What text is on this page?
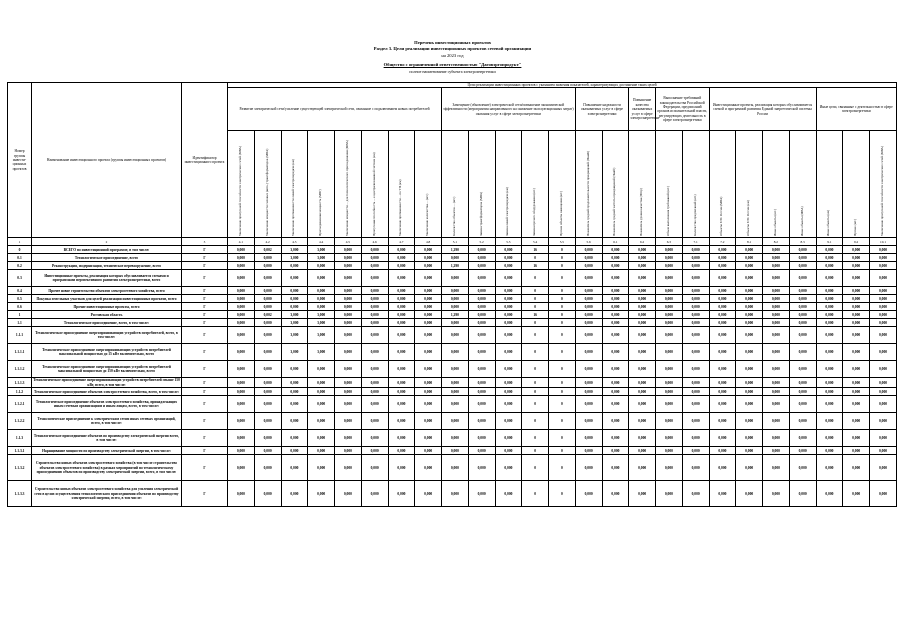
Перечень инвестиционных проектов
Раздел 3. Цели реализации инвестиционных проектов сетевой организации
на 2023 год
Общество с ограниченной ответственностью "Даговэргопродукт"
полное наименование субъекта электроэнергетики
Номер группы инвести-ционных проектов	Наименование инвестиционного проекта (группы инвестиционных проектов)	Идентификатор инвестиционного проекта	Цели реализации инвестиционных проектов с указанием значения показателей, характеризующих достижение таких целей																								
			Развитие электрической сети/усиление существующей электрической сети, связанное с подключением новых потребителей								Замещение (обновление) электрической сети/повышение экономической эффективности (мероприятия направленного на снижение эксплуатационных затрат) оказания услуг в сфере электроэнергетики					Повышение надежности оказываемых услуг в сфере электроэнергетики		Повышение качества оказываемых услуг в сфере электроэнергетики	Выполнение требований законодательства Российской Федерации, предписаний органов исполнительной власти, регулирующих деятельность в сфере электроэнергетики		Инвестиционные проекты, реализация которых обуславливается схемой и программой развития Единой энергетической системы России				Иные цели, связанные с деятельностью в сфере электроэнергетики		

			Увеличение пропускной способности электрических сетей (МВА)	Увеличение мощности силовых (авто-) трансформаторов (МВА)	Увеличение протяженности линий электропередачи (км)	Присоединенная мощность (МВт)	Увеличение мощности ... для технологического присоединения (МВА)	Пропускная способность ... к централизованной системе (км)	Увеличение протяженности ... по ТП (км)	Увеличение количества ... (шт.)	Количество объектов ... (шт.)	Замена трансформаторов (МВА)	Замена линий электропередачи (км)	Замена прочего оборудования (шт.)	Прочие объекты замещения (шт.)	Показатель средней продолжительности прекращений (Пsaidi)	Показатель средней частоты прекращений (Пsaifi)	Показатель уровня качества (Птпр)	Объем выполнения требований (шт.)	Количество предписаний (шт.)	Объекты ЕЭС России (МВА)	Объекты ЕЭС России (км)	Иные объекты (шт.)	Иные объекты (МВА)	Иные объекты (км)	Прочее (шт.)	Увеличение пропускной способности электрических сетей (МВА)

1	2	3	4.1	4.2	4.3	4.4	4.5	4.6	4.7	4.8	5.1	5.2	5.3	5.4	5.5	5.6	6.1	6.2	6.3	7.1	7.2	8.1	8.2	8.3	9.1	9.2	10.1
0	ВСЕГО по инвестиционной программе, в том числе:	Г	0,000	0,002	3,000	3,000	0,000	0,000	0,000	0,000	1,290	0,000	0,000	16	0	0,000	0,000	0,000	0,000	0,000	0,000	0,000	0,000	0,000	0,000	0,000	0,000
0.1	Технологическое присоединение, всего	Г	0,000	0,000	3,000	3,000	0,000	0,000	0,000	0,000	0,000	0,000	0,000	0	0	0,000	0,000	0,000	0,000	0,000	0,000	0,000	0,000	0,000	0,000	0,000	0,000
0.2	Реконструкция, модернизация, техническое перевооружение, всего	Г	0,000	0,000	0,000	0,000	0,000	0,000	0,000	0,000	1,290	0,000	0,000	16	0	0,000	0,000	0,000	0,000	0,000	0,000	0,000	0,000	0,000	0,000	0,000	0,000
0.3	Инвестиционные проекты, реализация которых обуславливается схемами и программами перспективного развития электроэнергетики, всего	Г	0,000	0,000	0,000	0,000	0,000	0,000	0,000	0,000	0,000	0,000	0,000	0	0	0,000	0,000	0,000	0,000	0,000	0,000	0,000	0,000	0,000	0,000	0,000	0,000
0.4	Прочее новое строительство объектов электросетевого хозяйства, всего	Г	0,000	0,000	0,000	0,000	0,000	0,000	0,000	0,000	0,000	0,000	0,000	0	0	0,000	0,000	0,000	0,000	0,000	0,000	0,000	0,000	0,000	0,000	0,000	0,000
0.5	Покупка земельных участков для целей реализации инвестиционных проектов, всего	Г	0,000	0,000	0,000	0,000	0,000	0,000	0,000	0,000	0,000	0,000	0,000	0	0	0,000	0,000	0,000	0,000	0,000	0,000	0,000	0,000	0,000	0,000	0,000	0,000
0.6	Прочие инвестиционные проекты, всего	Г	0,000	0,000	0,000	0,000	0,000	0,000	0,000	0,000	0,000	0,000	0,000	0	0	0,000	0,000	0,000	0,000	0,000	0,000	0,000	0,000	0,000	0,000	0,000	0,000
1	Ростовская область	Г	0,000	0,002	3,000	3,000	0,000	0,000	0,000	0,000	1,290	0,000	0,000	16	0	0,000	0,000	0,000	0,000	0,000	0,000	0,000	0,000	0,000	0,000	0,000	0,000
1.1	Технологическое присоединение, всего, в том числе:	Г	0,000	0,000	3,000	3,000	0,000	0,000	0,000	0,000	0,000	0,000	0,000	0	0	0,000	0,000	0,000	0,000	0,000	0,000	0,000	0,000	0,000	0,000	0,000	0,000
1.1.1	Технологическое присоединение энергопринимающих устройств потребителей, всего, в том числе:	Г	0,000	0,000	3,000	3,000	0,000	0,000	0,000	0,000	0,000	0,000	0,000	0	0	0,000	0,000	0,000	0,000	0,000	0,000	0,000	0,000	0,000	0,000	0,000	0,000
1.1.1.1	Технологическое присоединение энергопринимающих устройств потребителей максимальной мощностью до 15 кВт включительно, всего	Г	0,000	0,000	3,000	3,000	0,000	0,000	0,000	0,000	0,000	0,000	0,000	0	0	0,000	0,000	0,000	0,000	0,000	0,000	0,000	0,000	0,000	0,000	0,000	0,000
1.1.1.2	Технологическое присоединение энергопринимающих устройств потребителей максимальной мощностью до 150 кВт включительно, всего	Г	0,000	0,000	0,000	0,000	0,000	0,000	0,000	0,000	0,000	0,000	0,000	0	0	0,000	0,000	0,000	0,000	0,000	0,000	0,000	0,000	0,000	0,000	0,000	0,000
1.1.1.3	Технологическое присоединение энергопринимающих устройств потребителей свыше 150 кВт, всего, в том числе:	Г	0,000	0,000	0,000	0,000	0,000	0,000	0,000	0,000	0,000	0,000	0,000	0	0	0,000	0,000	0,000	0,000	0,000	0,000	0,000	0,000	0,000	0,000	0,000	0,000
1.1.2	Технологическое присоединение объектов электросетевого хозяйства, всего, в том числе:	Г	0,000	0,000	0,000	0,000	0,000	0,000	0,000	0,000	0,000	0,000	0,000	0	0	0,000	0,000	0,000	0,000	0,000	0,000	0,000	0,000	0,000	0,000	0,000	0,000
1.1.2.1	Технологическое присоединение объектов электросетевого хозяйства, принадлежащих иным сетевым организациям и иным лицам, всего, в том числе:	Г	0,000	0,000	0,000	0,000	0,000	0,000	0,000	0,000	0,000	0,000	0,000	0	0	0,000	0,000	0,000	0,000	0,000	0,000	0,000	0,000	0,000	0,000	0,000	0,000
1.1.2.2	Технологическое присоединение к электрическим сетям иных сетевых организаций, всего, в том числе:	Г	0,000	0,000	0,000	0,000	0,000	0,000	0,000	0,000	0,000	0,000	0,000	0	0	0,000	0,000	0,000	0,000	0,000	0,000	0,000	0,000	0,000	0,000	0,000	0,000
1.1.3	Технологическое присоединение объектов по производству электрической энергии всего, в том числе:	Г	0,000	0,000	0,000	0,000	0,000	0,000	0,000	0,000	0,000	0,000	0,000	0	0	0,000	0,000	0,000	0,000	0,000	0,000	0,000	0,000	0,000	0,000	0,000	0,000
1.1.3.1	Наращивание мощности по производству электрической энергии, в том числе:	Г	0,000	0,000	0,000	0,000	0,000	0,000	0,000	0,000	0,000	0,000	0,000	0	0	0,000	0,000	0,000	0,000	0,000	0,000	0,000	0,000	0,000	0,000	0,000	0,000
1.1.3.2	Строительство новых объектов электросетевого хозяйства (в том числе строительство объектов электросетевого хозяйства) в рамках мероприятий по технологическому присоединению объектов по производству электрической энергии, всего, в том числе:	Г	0,000	0,000	0,000	0,000	0,000	0,000	0,000	0,000	0,000	0,000	0,000	0	0	0,000	0,000	0,000	0,000	0,000	0,000	0,000	0,000	0,000	0,000	0,000	0,000
1.1.3.3	Строительство новых объектов электросетевого хозяйства для усиления электрической сети в целях осуществления технологического присоединения объектов по производству электрической энергии, всего, в том числе:	Г	0,000	0,000	0,000	0,000	0,000	0,000	0,000	0,000	0,000	0,000	0,000	0	0	0,000	0,000	0,000	0,000	0,000	0,000	0,000	0,000	0,000	0,000	0,000	0,000
